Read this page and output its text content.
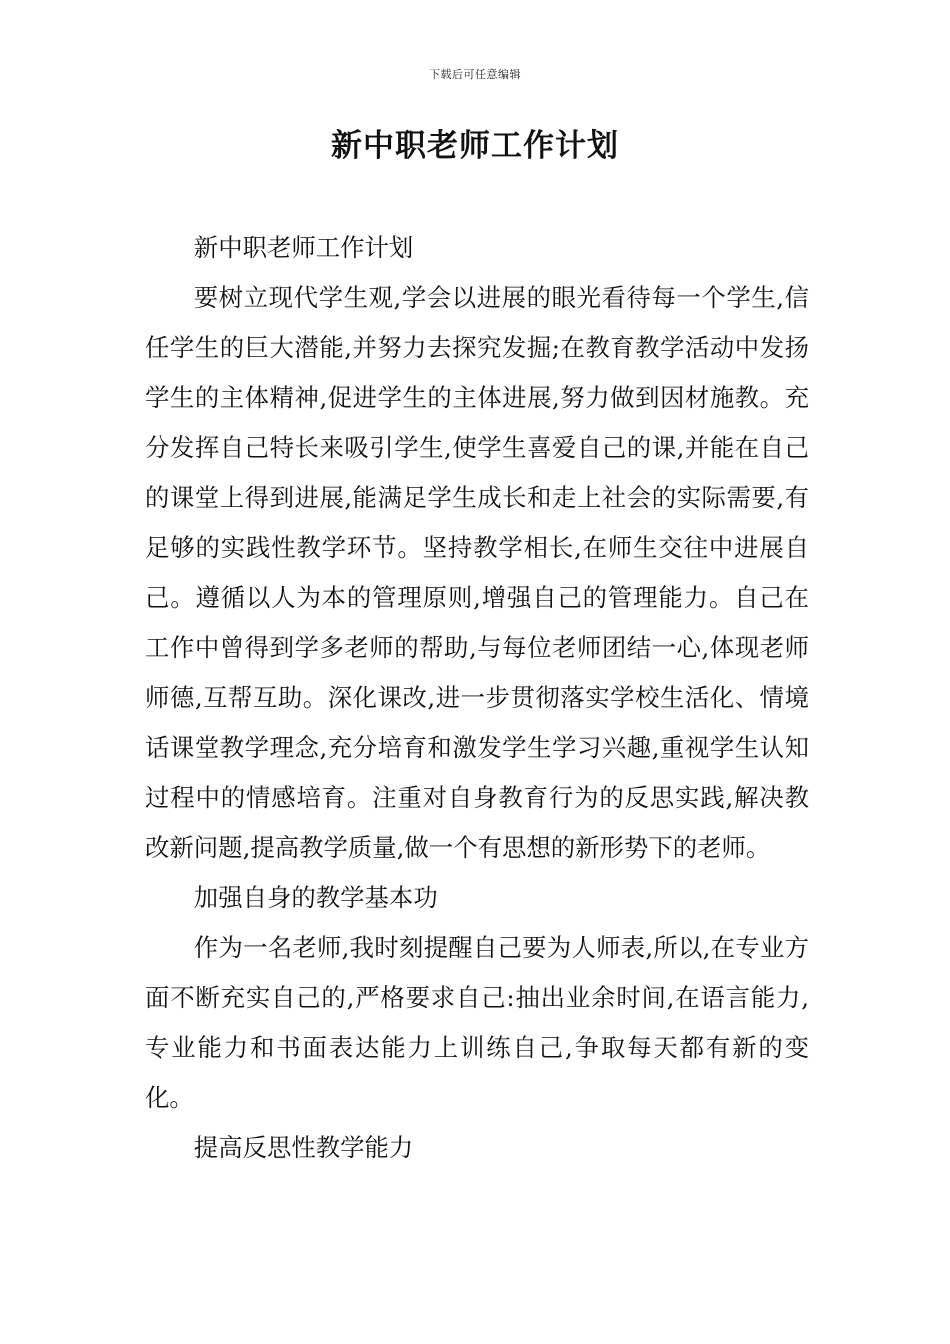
下载后可任意编辑
新中职老师工作计划

新中职老师工作计划

要树立现代学生观,学会以进展的眼光看待每一个学生,信任学生的巨大潜能,并努力去探究发掘;在教育教学活动中发扬学生的主体精神,促进学生的主体进展,努力做到因材施教。充分发挥自己特长来吸引学生,使学生喜爱自己的课,并能在自己的课堂上得到进展,能满足学生成长和走上社会的实际需要,有足够的实践性教学环节。坚持教学相长,在师生交往中进展自己。遵循以人为本的管理原则,增强自己的管理能力。自己在工作中曾得到学多老师的帮助,与每位老师团结一心,体现老师师德,互帮互助。深化课改,进一步贯彻落实学校生活化、情境话课堂教学理念,充分培育和激发学生学习兴趣,重视学生认知过程中的情感培育。注重对自身教育行为的反思实践,解决教改新问题,提高教学质量,做一个有思想的新形势下的老师。

加强自身的教学基本功

作为一名老师,我时刻提醒自己要为人师表,所以,在专业方面不断充实自己的,严格要求自己:抽出业余时间,在语言能力,专业能力和书面表达能力上训练自己,争取每天都有新的变化。

提高反思性教学能力
